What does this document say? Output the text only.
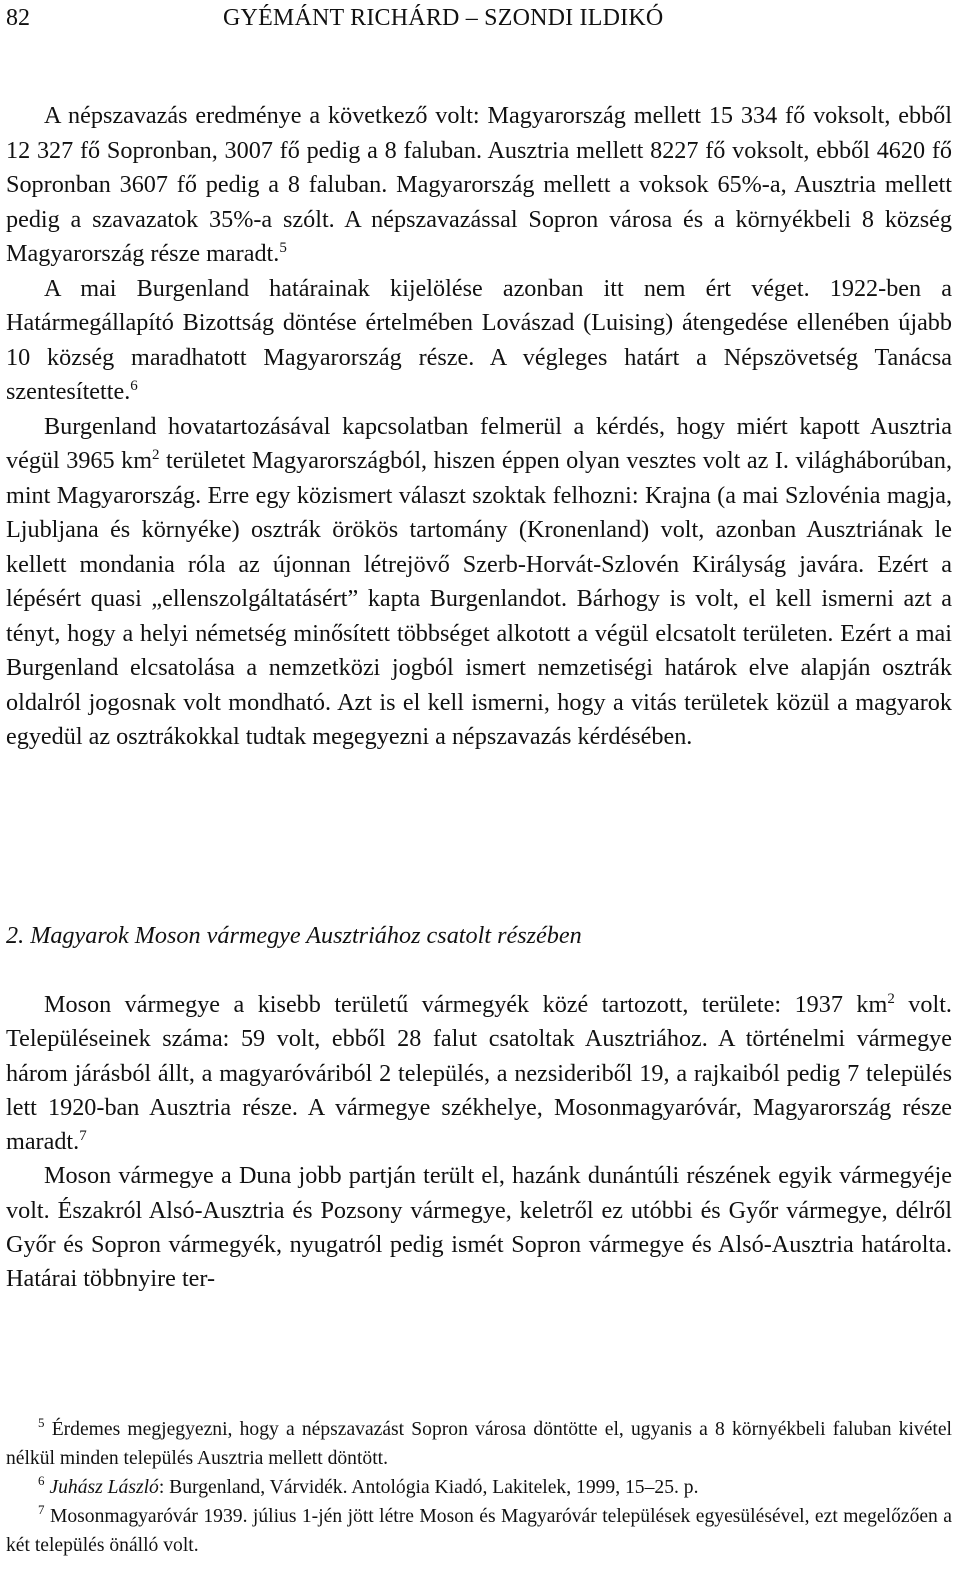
82	GYÉMÁNT RICHÁRD – SZONDI ILDIKÓ

A népszavazás eredménye a következő volt: Magyarország mellett 15 334 fő voksolt, ebből 12 327 fő Sopronban, 3007 fő pedig a 8 faluban. Ausztria mellett 8227 fő voksolt, ebből 4620 fő Sopronban 3607 fő pedig a 8 faluban. Magyarország mellett a voksok 65%-a, Ausztria mellett pedig a szavazatok 35%-a szólt. A népszavazással Sopron városa és a környékbeli 8 község Magyarország része maradt.$^5$

A mai Burgenland határainak kijelölése azonban itt nem ért véget. 1922-ben a Határmegállapító Bizottság döntése értelmében Lovászad (Luising) átengedése ellenében újabb 10 község maradhatott Magyarország része. A végleges határt a Népszövetség Tanácsa szentesítette.$^6$

Burgenland hovatartozásával kapcsolatban felmerül a kérdés, hogy miért kapott Ausztria végül 3965 $km^2$ területet Magyarországból, hiszen éppen olyan vesztes volt az I. világháborúban, mint Magyarország. Erre egy közismert választ szoktak felhozni: Krajna (a mai Szlovénia magja, Ljubljana és környéke) osztrák örökös tartomány (Kronenland) volt, azonban Ausztriának le kellett mondania róla az újonnan létrejövő Szerb-Horvát-Szlovén Királyság javára. Ezért a lépésért quasi „ellenszolgáltatásért” kapta Burgenlandot. Bárhogy is volt, el kell ismerni azt a tényt, hogy a helyi németség minősített többséget alkotott a végül elcsatolt területen. Ezért a mai Burgenland elcsatolása a nemzetközi jogból ismert nemzetiségi határok elve alapján osztrák oldalról jogosnak volt mondható. Azt is el kell ismerni, hogy a vitás területek közül a magyarok egyedül az osztrákokkal tudtak megegyezni a népszavazás kérdésében.

2. Magyarok Moson vármegye Ausztriához csatolt részében

Moson vármegye a kisebb területű vármegyék közé tartozott, területe: 1937 $km^2$ volt. Településeinek száma: 59 volt, ebből 28 falut csatoltak Ausztriához. A történelmi vármegye három járásból állt, a magyaróváriból 2 település, a nezsideriből 19, a rajkaiból pedig 7 település lett 1920-ban Ausztria része. A vármegye székhelye, Mosonmagyaróvár, Magyarország része maradt.$^7$

Moson vármegye a Duna jobb partján terült el, hazánk dunántúli részének egyik vármegyéje volt. Északról Alsó-Ausztria és Pozsony vármegye, keletről ez utóbbi és Győr vármegye, délről Győr és Sopron vármegyék, nyugatról pedig ismét Sopron vármegye és Alsó-Ausztria határolta. Határai többnyire ter-

$^5$ Érdemes megjegyezni, hogy a népszavazást Sopron városa döntötte el, ugyanis a 8 környékbeli faluban kivétel nélkül minden település Ausztria mellett döntött.

$^6$ Juhász László: Burgenland, Várvidék. Antológia Kiadó, Lakitelek, 1999, 15–25. p.

$^7$ Mosonmagyaróvár 1939. július 1-jén jött létre Moson és Magyaróvár települések egyesülésével, ezt megelőzően a két település önálló volt.
